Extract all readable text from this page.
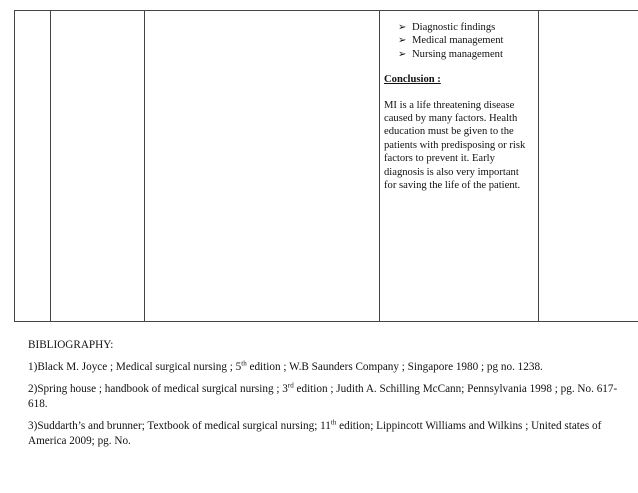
➢ Diagnostic findings
➢ Medical management
➢ Nursing management

Conclusion :

MI is a life threatening disease caused by many factors. Health education must be given to the patients with predisposing or risk factors to prevent it. Early diagnosis is also very important for saving the life of the patient.

BIBLIOGRAPHY:

1)Black M. Joyce ; Medical surgical nursing ; 5th edition ; W.B Saunders Company ; Singapore 1980 ; pg no. 1238.

2)Spring house ; handbook of medical surgical nursing ; 3rd edition ; Judith A. Schilling McCann; Pennsylvania 1998 ; pg. No. 617-618.

3)Suddarth’s and brunner; Textbook of medical surgical nursing; 11th edition; Lippincott Williams and Wilkins ; United states of America 2009; pg. No.
